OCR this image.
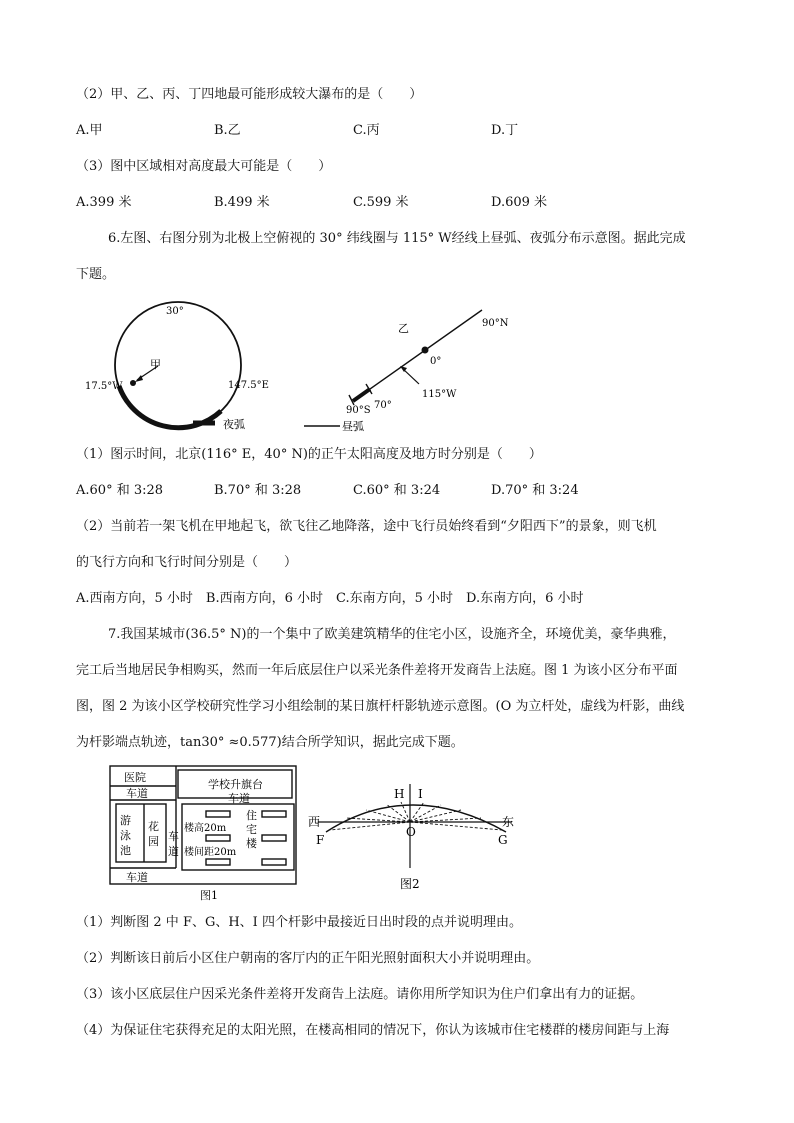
（2）甲、乙、丙、丁四地最可能形成较大瀑布的是（　　）
A.甲	B.乙	C.丙	D.丁
（3）图中区域相对高度最大可能是（　　）
A.399 米	B.499 米	C.599 米	D.609 米
6.左图、右图分别为北极上空俯视的 30° 纬线圈与 115° W经线上昼弧、夜弧分布示意图。据此完成
下题。
30°
甲
17.5°W	147.5°E
夜弧
乙	90°N
0°
115°W
90°S 70°
昼弧
（1）图示时间，北京(116° E，40° N)的正午太阳高度及地方时分别是（　　）
A.60° 和 3:28	B.70° 和 3:28	C.60° 和 3:24	D.70° 和 3:24
（2）当前若一架飞机在甲地起飞，欲飞往乙地降落，途中飞行员始终看到“夕阳西下”的景象，则飞机
的飞行方向和飞行时间分别是（　　）
A.西南方向，5 小时　B.西南方向，6 小时　C.东南方向，5 小时　D.东南方向，6 小时
7.我国某城市(36.5° N)的一个集中了欧美建筑精华的住宅小区，设施齐全，环境优美，豪华典雅，
完工后当地居民争相购买，然而一年后底层住户以采光条件差将开发商告上法庭。图 1 为该小区分布平面
图，图 2 为该小区学校研究性学习小组绘制的某日旗杆杆影轨迹示意图。(O 为立杆处，虚线为杆影，曲线
为杆影端点轨迹，tan30° ≈0.577)结合所学知识，据此完成下题。
医院
车道
学校升旗台
车道
游
泳
池
花
园 车
道
住
宅
楼
楼高20m
楼间距20m
车道
图1
西	东
H I
F	G
O
图2
（1）判断图 2 中 F、G、H、I 四个杆影中最接近日出时段的点并说明理由。
（2）判断该日前后小区住户朝南的客厅内的正午阳光照射面积大小并说明理由。
（3）该小区底层住户因采光条件差将开发商告上法庭。请你用所学知识为住户们拿出有力的证据。
（4）为保证住宅获得充足的太阳光照，在楼高相同的情况下，你认为该城市住宅楼群的楼房间距与上海
